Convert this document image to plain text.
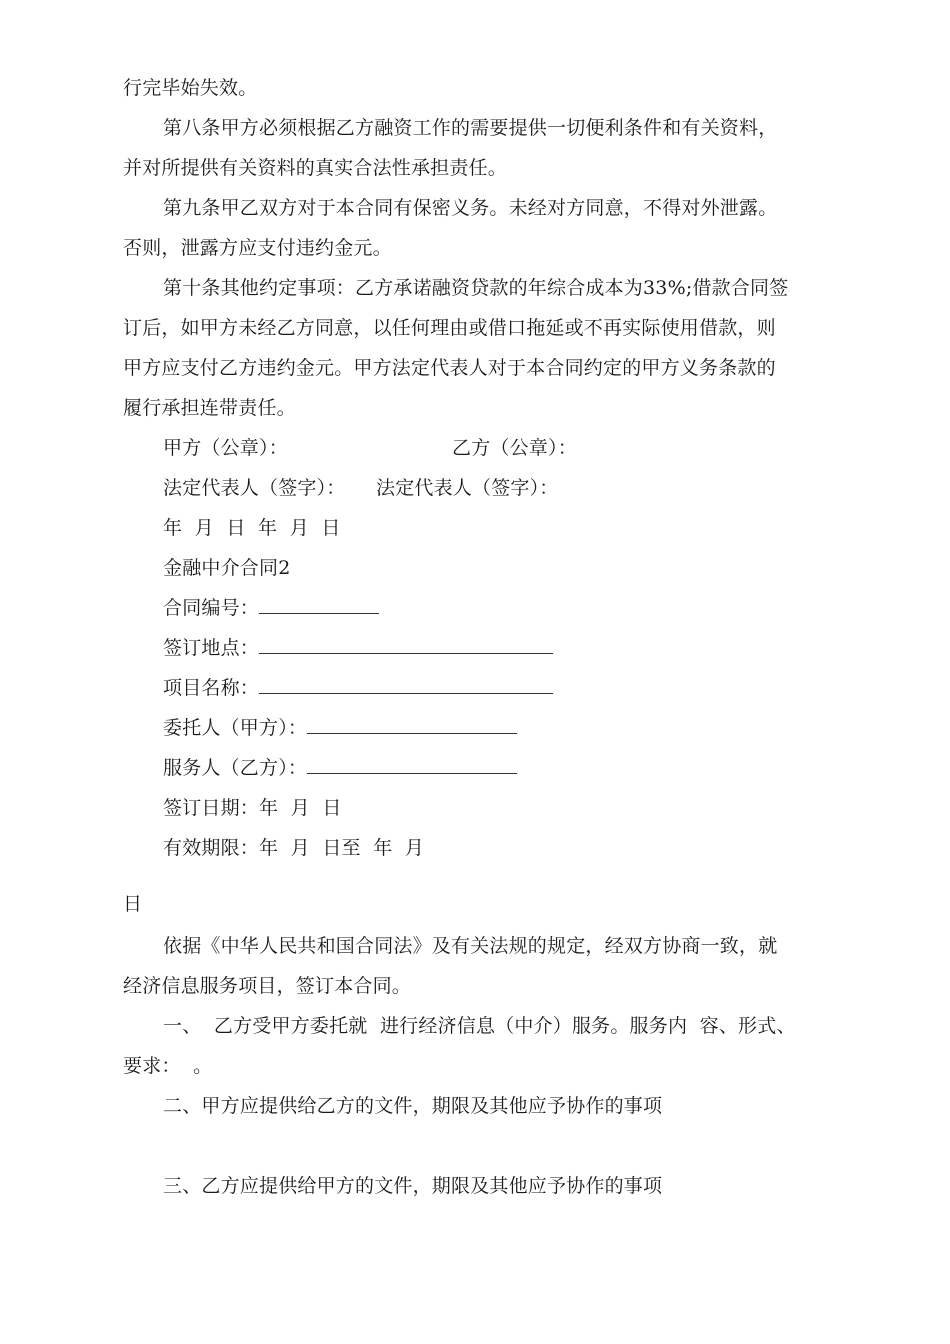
行完毕始失效。
第八条甲方必须根据乙方融资工作的需要提供一切便利条件和有关资料，
并对所提供有关资料的真实合法性承担责任。
第九条甲乙双方对于本合同有保密义务。未经对方同意，不得对外泄露。
否则，泄露方应支付违约金元。
第十条其他约定事项：乙方承诺融资贷款的年综合成本为33%;借款合同签
订后，如甲方未经乙方同意，以任何理由或借口拖延或不再实际使用借款，则
甲方应支付乙方违约金元。甲方法定代表人对于本合同约定的甲方义务条款的
履行承担连带责任。
甲方（公章）：	乙方（公章）：
法定代表人（签字）： 法定代表人（签字）：
年  月  日  年  月  日
金融中介合同2
合同编号：
签订地点：
项目名称：
委托人（甲方）：
服务人（乙方）：
签订日期：年  月  日
有效期限：年  月  日至  年  月
日
依据《中华人民共和国合同法》及有关法规的规定，经双方协商一致，就
经济信息服务项目，签订本合同。
一、  乙方受甲方委托就  进行经济信息（中介）服务。服务内  容、形式、
要求：  。
二、甲方应提供给乙方的文件，期限及其他应予协作的事项
三、乙方应提供给甲方的文件，期限及其他应予协作的事项
